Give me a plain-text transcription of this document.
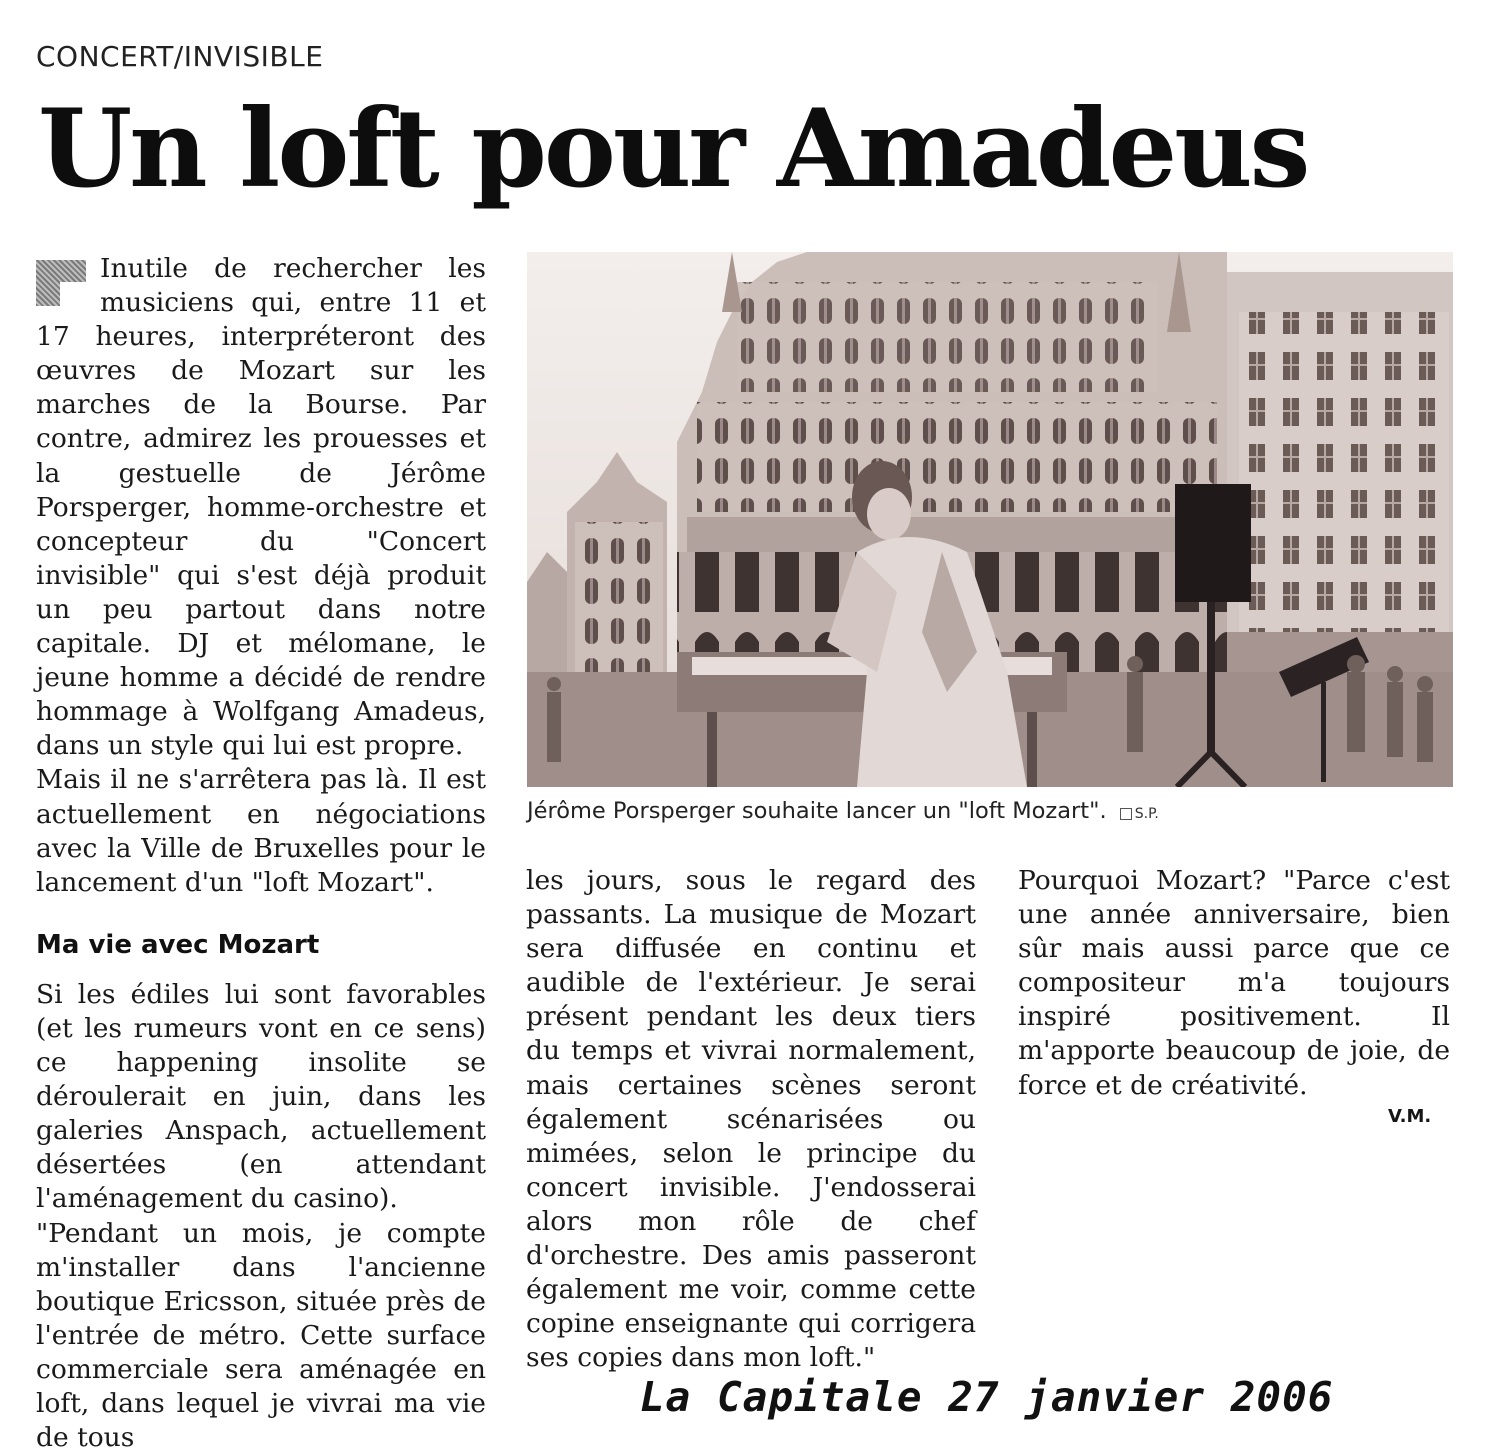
CONCERT/INVISIBLE
Un loft pour Amadeus

Inutile de rechercher les musiciens qui, entre 11 et 17 heures, interpréteront des œuvres de Mozart sur les marches de la Bourse. Par contre, admirez les prouesses et la gestuelle de Jérôme Porsperger, homme-orchestre et concepteur du "Concert invisible" qui s'est déjà produit un peu partout dans notre capitale. DJ et mélomane, le jeune homme a décidé de rendre hommage à Wolfgang Amadeus, dans un style qui lui est propre.

Mais il ne s'arrêtera pas là. Il est actuellement en négociations avec la Ville de Bruxelles pour le lancement d'un "loft Mozart".

Ma vie avec Mozart

Si les édiles lui sont favorables (et les rumeurs vont en ce sens) ce happening insolite se déroulerait en juin, dans les galeries Anspach, actuellement désertées (en attendant l'aménagement du casino).

"Pendant un mois, je compte m'installer dans l'ancienne boutique Ericsson, située près de l'entrée de métro. Cette surface commerciale sera aménagée en loft, dans lequel je vivrai ma vie de tous

Jérôme Porsperger souhaite lancer un "loft Mozart". S.P.

les jours, sous le regard des passants. La musique de Mozart sera diffusée en continu et audible de l'extérieur. Je serai présent pendant les deux tiers du temps et vivrai normalement, mais certaines scènes seront également scénarisées ou mimées, selon le principe du concert invisible. J'endosserai alors mon rôle de chef d'orchestre. Des amis passeront également me voir, comme cette copine enseignante qui corrigera ses copies dans mon loft."

Pourquoi Mozart? "Parce c'est une année anniversaire, bien sûr mais aussi parce que ce compositeur m'a toujours inspiré positivement. Il m'apporte beaucoup de joie, de force et de créativité.

V.M.
La Capitale 27 janvier 2006
